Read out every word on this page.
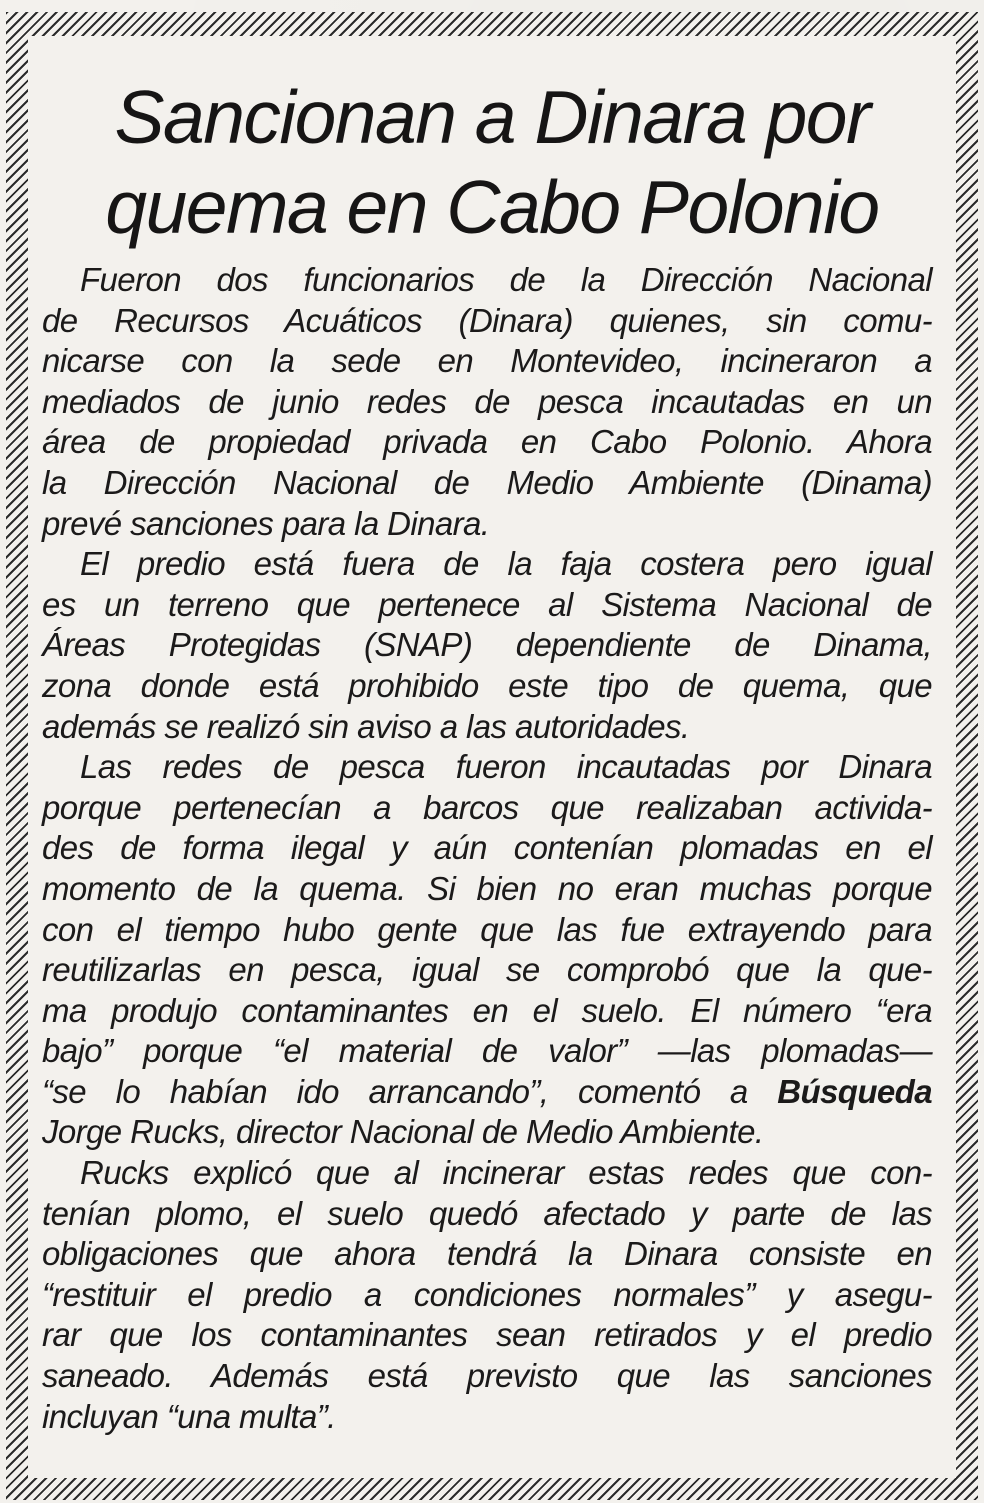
Sancionan a Dinara por
quema en Cabo Polonio

Fueron dos funcionarios de la Dirección Nacional
de Recursos Acuáticos (Dinara) quienes, sin comu-
nicarse con la sede en Montevideo, incineraron a
mediados de junio redes de pesca incautadas en un
área de propiedad privada en Cabo Polonio. Ahora
la Dirección Nacional de Medio Ambiente (Dinama)
prevé sanciones para la Dinara.

El predio está fuera de la faja costera pero igual
es un terreno que pertenece al Sistema Nacional de
Áreas Protegidas (SNAP) dependiente de Dinama,
zona donde está prohibido este tipo de quema, que
además se realizó sin aviso a las autoridades.

Las redes de pesca fueron incautadas por Dinara
porque pertenecían a barcos que realizaban activida-
des de forma ilegal y aún contenían plomadas en el
momento de la quema. Si bien no eran muchas porque
con el tiempo hubo gente que las fue extrayendo para
reutilizarlas en pesca, igual se comprobó que la que-
ma produjo contaminantes en el suelo. El número “era
bajo” porque “el material de valor” —las plomadas—
“se lo habían ido arrancando”, comentó a Búsqueda
Jorge Rucks, director Nacional de Medio Ambiente.

Rucks explicó que al incinerar estas redes que con-
tenían plomo, el suelo quedó afectado y parte de las
obligaciones que ahora tendrá la Dinara consiste en
“restituir el predio a condiciones normales” y asegu-
rar que los contaminantes sean retirados y el predio
saneado. Además está previsto que las sanciones
incluyan “una multa”.
